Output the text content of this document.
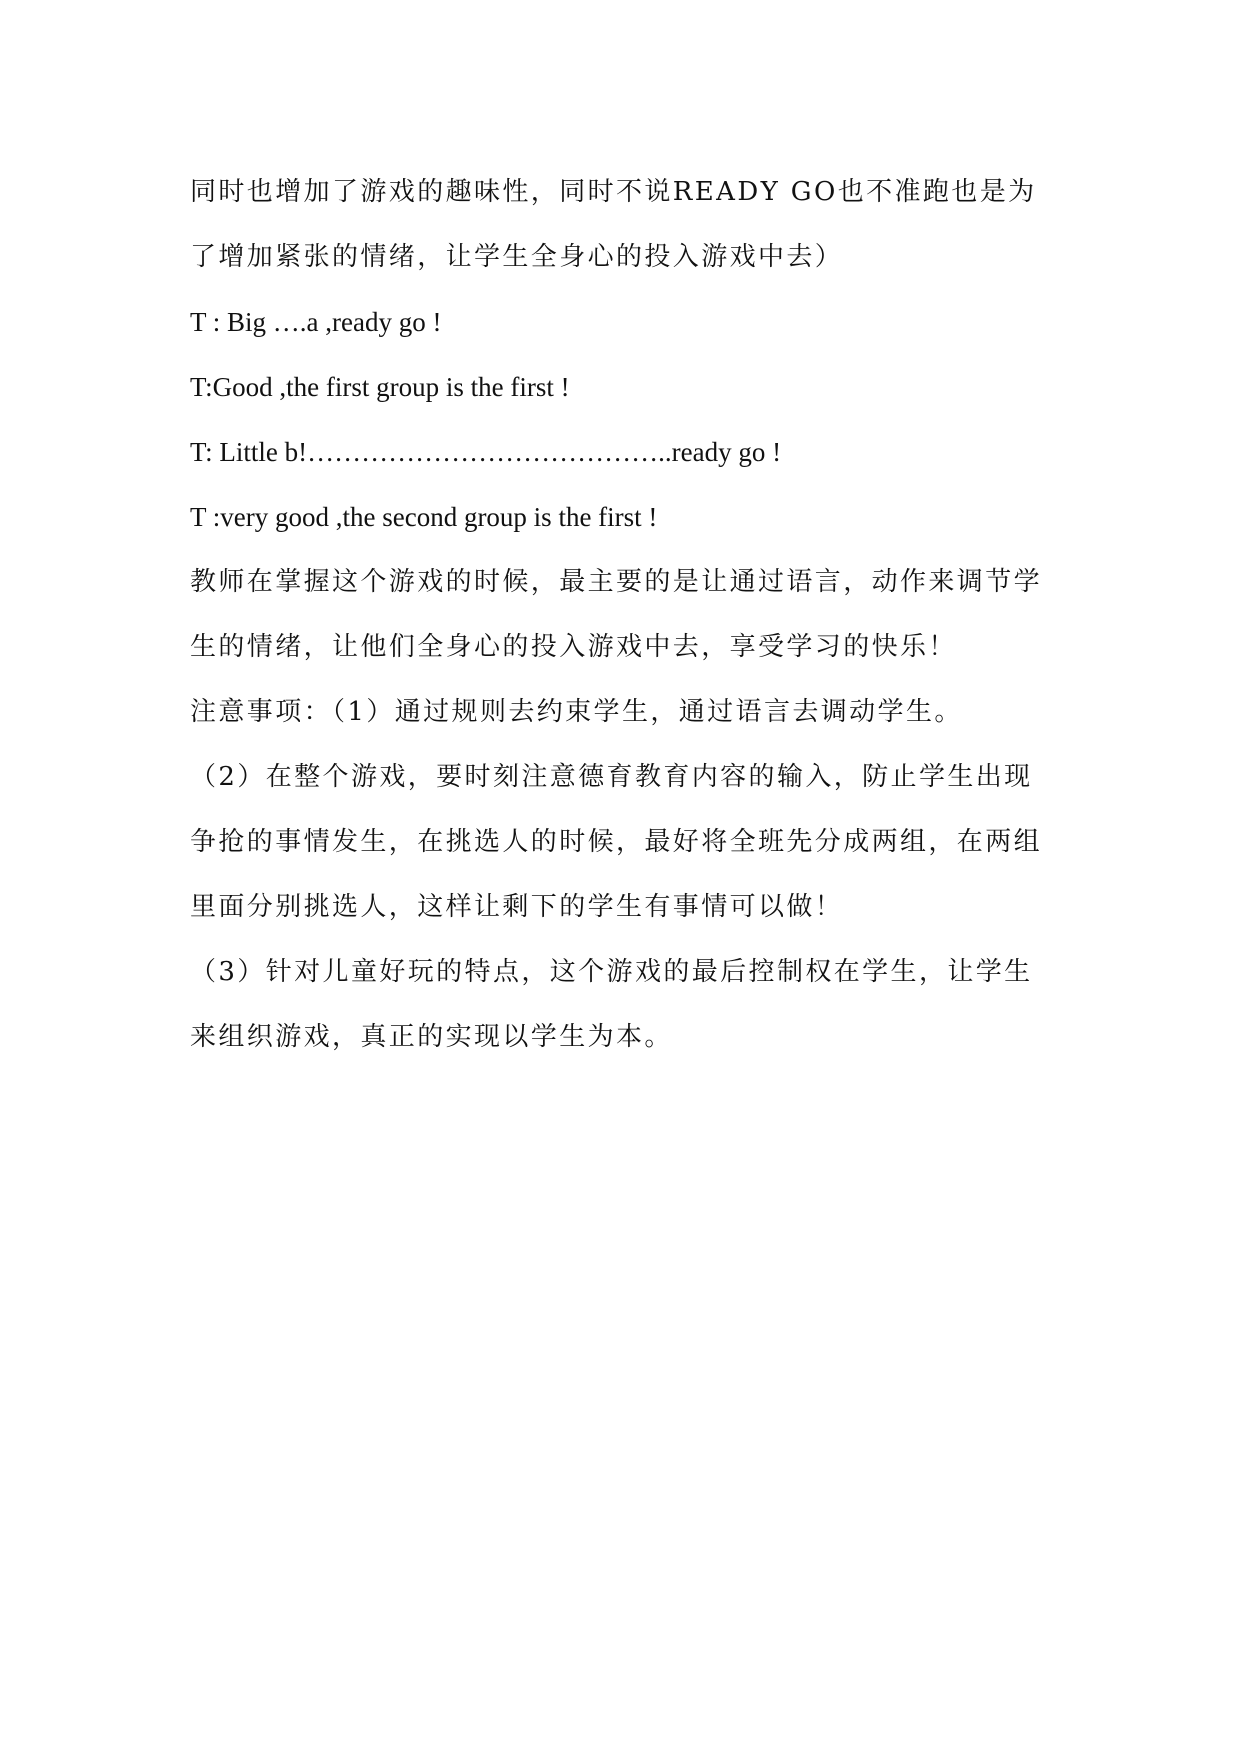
同时也增加了游戏的趣味性，同时不说READY GO也不准跑也是为
了增加紧张的情绪，让学生全身心的投入游戏中去）
T : Big ….a ,ready go !
T:Good ,the first group is the first !
T: Little b!…………………………………..ready go !
T :very good ,the second group is the first !
教师在掌握这个游戏的时候，最主要的是让通过语言，动作来调节学
生的情绪，让他们全身心的投入游戏中去，享受学习的快乐！
注意事项：（1）通过规则去约束学生，通过语言去调动学生。
（2）在整个游戏，要时刻注意德育教育内容的输入，防止学生出现
争抢的事情发生，在挑选人的时候，最好将全班先分成两组，在两组
里面分别挑选人，这样让剩下的学生有事情可以做！
（3）针对儿童好玩的特点，这个游戏的最后控制权在学生，让学生
来组织游戏，真正的实现以学生为本。
